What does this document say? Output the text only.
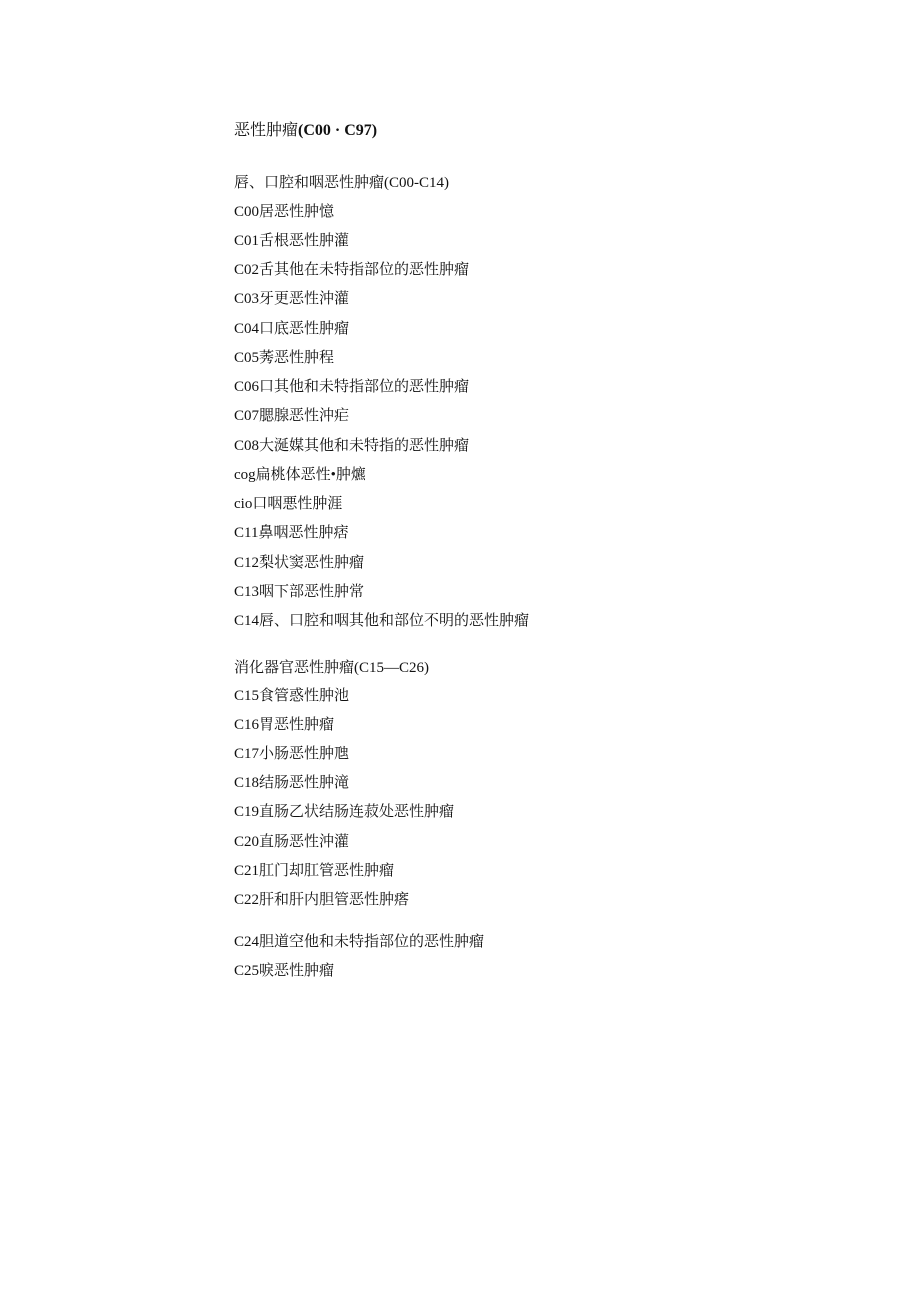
恶性肿瘤(C00 · C97)
唇、口腔和咽恶性肿瘤(C00-C14)
C00居恶性肿憶
C01舌根恶性肿灌
C02舌其他在未特指部位的恶性肿瘤
C03牙更恶性沖灌
C04口底恶性肿瘤
C05莠恶性肿程
C06口其他和未特指部位的恶性肿瘤
C07腮腺恶性沖疟
C08大涎媒其他和未特指的恶性肿瘤
cog扁桃体恶性•肿爊
cio口咽悪性肿涯
C11鼻咽恶性肿痞
C12梨状窦恶性肿瘤
C13咽下部恶性肿常
C14唇、口腔和咽其他和部位不明的恶性肿瘤
消化器官恶性肿瘤(C15—C26)
C15食管惑性肿池
C16胃恶性肿瘤
C17小肠恶性肿虺
C18结肠恶性肿滝
C19直肠乙状结肠连菽处恶性肿瘤
C20直肠恶性沖灌
C21肛门却肛管恶性肿瘤
C22肝和肝内胆管恶性肿瘩
C24胆道空他和未特指部位的恶性肿瘤
C25唳恶性肿瘤
